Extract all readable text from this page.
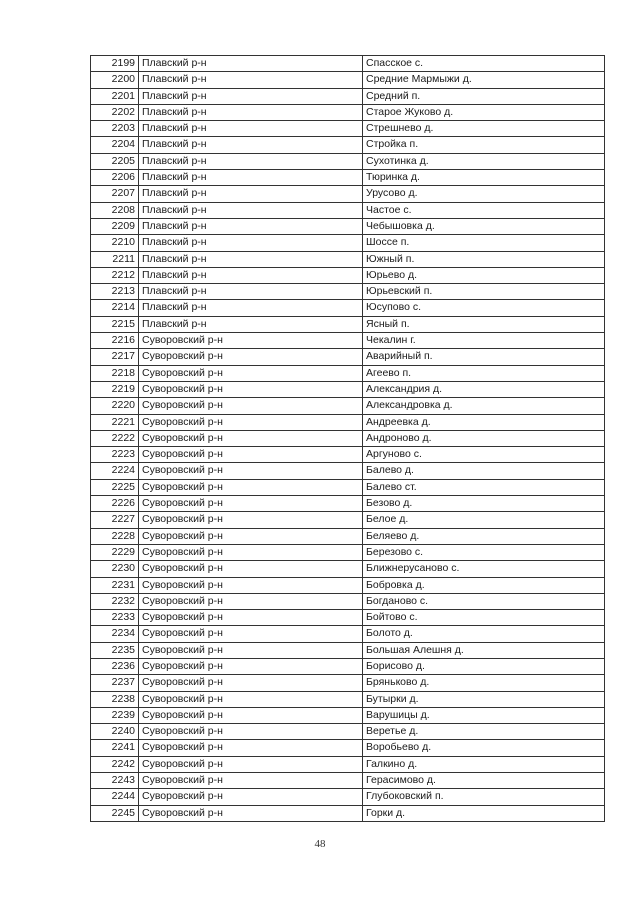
2199	Плавский р-н	Спасское с.
2200	Плавский р-н	Средние Мармыжи д.
2201	Плавский р-н	Средний п.
2202	Плавский р-н	Старое Жуково д.
2203	Плавский р-н	Стрешнево д.
2204	Плавский р-н	Стройка п.
2205	Плавский р-н	Сухотинка д.
2206	Плавский р-н	Тюринка д.
2207	Плавский р-н	Урусово д.
2208	Плавский р-н	Частое с.
2209	Плавский р-н	Чебышовка д.
2210	Плавский р-н	Шоссе п.
2211	Плавский р-н	Южный п.
2212	Плавский р-н	Юрьево д.
2213	Плавский р-н	Юрьевский п.
2214	Плавский р-н	Юсупово с.
2215	Плавский р-н	Ясный п.
2216	Суворовский р-н	Чекалин г.
2217	Суворовский р-н	Аварийный п.
2218	Суворовский р-н	Агеево п.
2219	Суворовский р-н	Александрия д.
2220	Суворовский р-н	Александровка д.
2221	Суворовский р-н	Андреевка д.
2222	Суворовский р-н	Андроново д.
2223	Суворовский р-н	Аргуново с.
2224	Суворовский р-н	Балево д.
2225	Суворовский р-н	Балево ст.
2226	Суворовский р-н	Безово д.
2227	Суворовский р-н	Белое д.
2228	Суворовский р-н	Беляево д.
2229	Суворовский р-н	Березово с.
2230	Суворовский р-н	Ближнерусаново с.
2231	Суворовский р-н	Бобровка д.
2232	Суворовский р-н	Богданово с.
2233	Суворовский р-н	Бойтово с.
2234	Суворовский р-н	Болото д.
2235	Суворовский р-н	Большая Алешня д.
2236	Суворовский р-н	Борисово д.
2237	Суворовский р-н	Брянькoво д.
2238	Суворовский р-н	Бутырки д.
2239	Суворовский р-н	Варушицы д.
2240	Суворовский р-н	Веретье д.
2241	Суворовский р-н	Воробьево д.
2242	Суворовский р-н	Галкино д.
2243	Суворовский р-н	Герасимово д.
2244	Суворовский р-н	Глубоковский п.
2245	Суворовский р-н	Горки д.
48
